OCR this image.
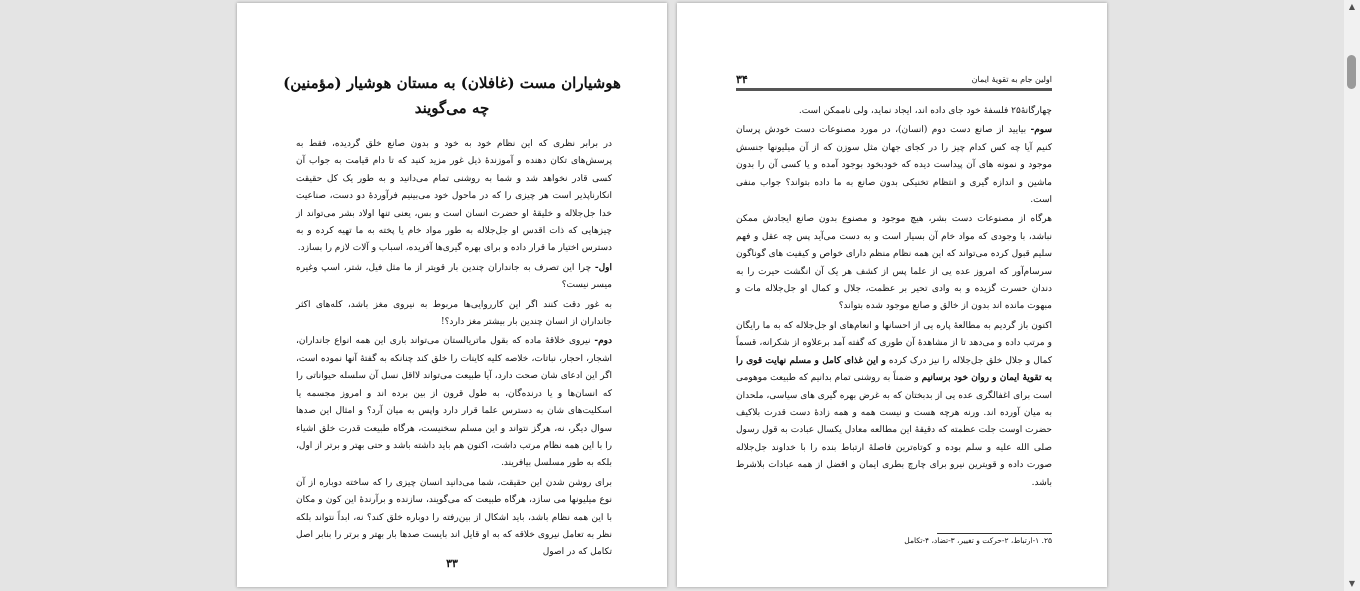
هوشیاران مست (غافلان) به مستان هوشیار (مؤمنین)
چه می‌گویند

در برابر نظری که این نظام خود به خود و بدون صانع خلق گردیده، فقط به پرسش‌های تکان دهنده و آموزندهٔ ذیل غور مزید کنید که تا دام قیامت به جواب آن کسی قادر نخواهد شد و شما به روشنی تمام می‌دانید و به طور یک کل حقیقت انکارناپذیر است هر چیزی را که در ماحول خود می‌بینیم فرآوردهٔ دو دست، صناعیت خدا جل‌جلاله و خلیقهٔ او حضرت انسان است و بس، یعنی تنها اولاد بشر می‌تواند از چیزهایی که ذات اقدس او جل‌جلاله به طور مواد خام یا پخته به ما تهیه کرده و به دسترس اختیار ما قرار داده و برای بهره گیری‌ها آفریده، اسباب و آلات لازم را بسازد.

اول- چرا این تصرف به جانداران چندین بار قویتر از ما مثل فیل، شتر، اسپ وغیره میسر نیست؟

به غور دقت کنند اگر این کارروایی‌ها مربوط به نیروی مغز باشد، کله‌های اکثر جانداران از انسان چندین بار بیشتر مغز دارد؟!

دوم- نیروی خلاقهٔ ماده که بقول ماتریالستان می‌تواند باری این همه انواع جانداران، اشجار، احجار، نباتات، خلاصه کلیه کاینات را خلق کند چنانکه به گفتهٔ آنها نموده است، اگر این ادعای شان صحت دارد، آیا طبیعت می‌تواند لااقل نسل آن سلسله حیواناتی را که انسان‌ها و یا درنده‌گان، به طول قرون از بین برده اند و امروز مجسمه یا اسکلیت‌های شان به دسترس علما قرار دارد واپس به میان آرد؟ و امثال این صدها سوال دیگر، نه، هرگز نتواند و این مسلم سخنیست، هرگاه طبیعت قدرت خلق اشیاء را با این همه نظام مرتب داشت، اکنون هم باید داشته باشد و حتی بهتر و برتر از اول، بلکه به طور مسلسل بیافریند.

برای روشن شدن این حقیقت، شما می‌دانید انسان چیزی را که ساخته دوباره از آن نوع میلیونها می سازد، هرگاه طبیعت که می‌گویند، سازنده و برآرندهٔ این کون و مکان با این همه نظام باشد، باید اشکال از بین‌رفته را دوباره خلق کند؟ نه، ابداً نتواند بلکه نظر به تعامل نیروی خلاقه که به او قایل اند بایست صدها بار بهتر و برتر را بنابر اصل تکامل که در اصول

۳۳
اولین جام به تقویهٔ ایمان
۳۴

چهارگانهٔ۲۵ فلسفهٔ خود جای داده اند، ایجاد نماید، ولی ناممکن است.

سوم- بیایید از صانع دست دوم (انسان)، در مورد مصنوعات دست خودش پرسان کنیم آیا چه کس کدام چیز را در کجای جهان مثل سوزن که از آن میلیونها جنسش موجود و نمونه های آن پیداست دیده که خودبخود بوجود آمده و یا کسی آن را بدون ماشین و اندازه گیری و انتظام تخنیکی بدون صانع به ما داده بتواند؟ جواب منفی است.

هرگاه از مصنوعات دست بشر، هیچ موجود و مصنوع بدون صانع ایجادش ممکن نباشد، با وجودی که مواد خام آن بسیار است و به دست می‌آید پس چه عقل و فهم سلیم قبول کرده می‌تواند که این همه نظام منظم دارای خواص و کیفیت های گوناگون سرسام‌آور که امروز عده یی از علما پس از کشف هر یک آن انگشت حیرت را به دندان حسرت گزیده و به وادی تحیر بر عظمت، جلال و کمال او جل‌جلاله مات و مبهوت مانده اند بدون از خالق و صانع موجود شده بتواند؟

اکنون باز گردیم به مطالعهٔ پاره یی از احسانها و انعام‌های او جل‌جلاله که به ما رایگان و مرتب داده و می‌دهد تا از مشاهدهٔ آن طوری که گفته آمد برعلاوه از شکرانه، قسماً کمال و جلال خلق جل‌جلاله را نیز درک کرده و این غذای کامل و مسلم نهایت قوی را به تقویهٔ ایمان و روان خود برسانیم و ضمناً به روشنی تمام بدانیم که طبیعت موهومی است برای اغفالگری عده یی از بدبختان که به غرض بهره گیری های سیاسی، ملحدان به میان آورده اند. ورنه هرچه هست و نیست همه و همه زادهٔ دست قدرت بلاکیف حضرت اوست جلت عظمته که دقیقهٔ این مطالعه معادل یکسال عبادت به قول رسول صلی الله علیه و سلم بوده و کوتاه‌ترین فاصلهٔ ارتباط بنده را با خداوند جل‌جلاله صورت داده و قویترین نیرو برای چارچ بطری ایمان و افضل از همه عبادات بلاشرط باشد.

۲۵. ۱-ارتباط، ۲-حرکت و تغییر، ۳-تضاد، ۴-تکامل
▲
▼
